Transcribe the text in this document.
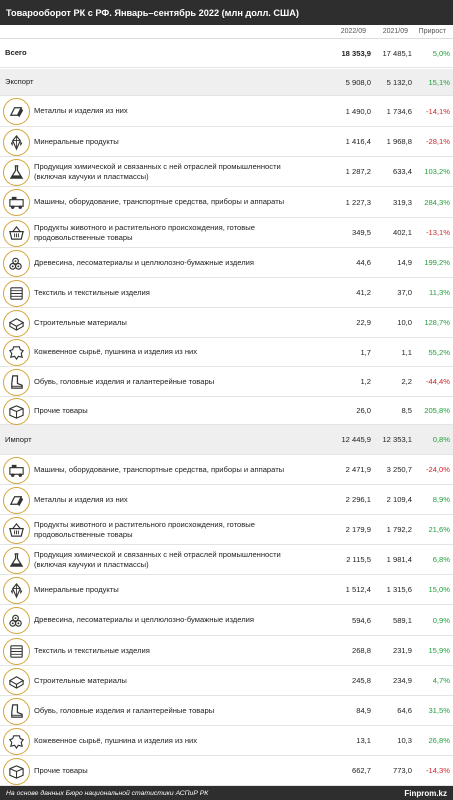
Товарооборот РК с РФ. Январь–сентябрь 2022 (млн долл. США)
2022/09	2021/09	Прирост
Всего	18 353,9	17 485,1	5,0%
Экспорт	5 908,0	5 132,0	15,1%
Металлы и изделия из них	1 490,0	1 734,6	-14,1%
Минеральные продукты	1 416,4	1 968,8	-28,1%
Продукция химической и связанных с ней отраслей промышленности (включая каучуки и пластмассы)	1 287,2	633,4	103,2%
Машины, оборудование, транспортные средства, приборы и аппараты	1 227,3	319,3	284,3%
Продукты животного и растительного происхождения, готовые продовольственные товары	349,5	402,1	-13,1%
Древесина, лесоматериалы и целлюлозно-бумажные изделия	44,6	14,9	199,2%
Текстиль и текстильные изделия	41,2	37,0	11,3%
Строительные материалы	22,9	10,0	128,7%
Кожевенное сырьё, пушнина и изделия из них	1,7	1,1	55,2%
Обувь, головные изделия и галантерейные товары	1,2	2,2	-44,4%
Прочие товары	26,0	8,5	205,8%
Импорт	12 445,9	12 353,1	0,8%
Машины, оборудование, транспортные средства, приборы и аппараты	2 471,9	3 250,7	-24,0%
Металлы и изделия из них	2 296,1	2 109,4	8,9%
Продукты животного и растительного происхождения, готовые продовольственные товары	2 179,9	1 792,2	21,6%
Продукция химической и связанных с ней отраслей промышленности (включая каучуки и пластмассы)	2 115,5	1 981,4	6,8%
Минеральные продукты	1 512,4	1 315,6	15,0%
Древесина, лесоматериалы и целлюлозно-бумажные изделия	594,6	589,1	0,9%
Текстиль и текстильные изделия	268,8	231,9	15,9%
Строительные материалы	245,8	234,9	4,7%
Обувь, головные изделия и галантерейные товары	84,9	64,6	31,5%
Кожевенное сырьё, пушнина и изделия из них	13,1	10,3	26,8%
Прочие товары	662,7	773,0	-14,3%
На основе данных Бюро национальной статистики АСПиР РК	Finprom.kz
